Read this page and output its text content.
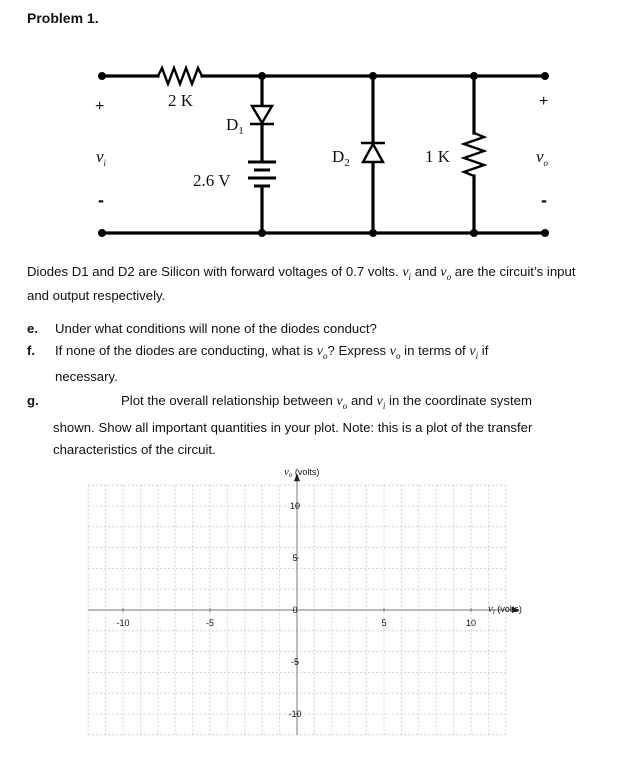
Problem 1.
2 K
$D_1$
2.6 V
$D_2$	1 K
+
$v_i$
-
+
$v_o$
-
Diodes D1 and D2 are Silicon with forward voltages of 0.7 volts. $v_i$ and $v_o$ are the circuit’s input
and output respectively.
e. Under what conditions will none of the diodes conduct?
f. If none of the diodes are conducting, what is $v_o$? Express $v_o$ in terms of $v_i$ if
necessary.
g.	Plot the overall relationship between $v_o$ and $v_i$ in the coordinate system
shown. Show all important quantities in your plot. Note: this is a plot of the transfer
characteristics of the circuit.
-10	-5	5	10
10
5
0
-5
-10
$v_o$ (volts)
$v_i$ (volts)
